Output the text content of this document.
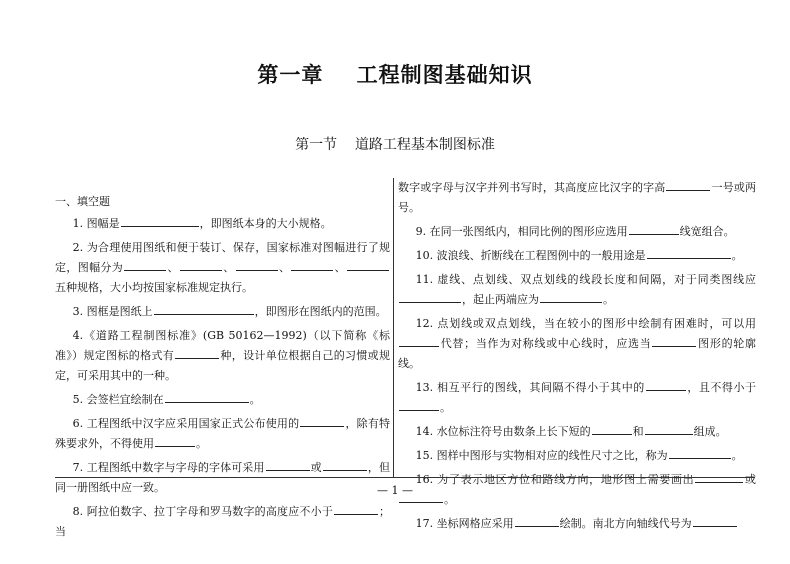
第一章    工程制图基础知识
第一节    道路工程基本制图标准

一、填空题

1. 图幅是	，即图纸本身的大小规格。

2. 为合理使用图纸和便于装订、保存，国家标准对图幅进行了规定，图幅分为	、	、	、	、五种规格，大小均按国家标准规定执行。

3. 图框是图纸上	，即图形在图纸内的范围。

4.《道路工程制图标准》(GB 50162—1992)（以下简称《标准》）规定图标的格式有	种，设计单位根据自己的习惯或规定，可采用其中的一种。

5. 会签栏宜绘制在	。

6. 工程图纸中汉字应采用国家正式公布使用的	，除有特殊要求外，不得使用	。

7. 工程图纸中数字与字母的字体可采用	或	，但同一册图纸中应一致。

8. 阿拉伯数字、拉丁字母和罗马数字的高度应不小于	；当

数字或字母与汉字并列书写时，其高度应比汉字的字高	一号或两号。

9. 在同一张图纸内，相同比例的图形应选用	线宽组合。

10. 波浪线、折断线在工程图例中的一般用途是	。

11. 虚线、点划线、双点划线的线段长度和间隔，对于同类图线应，起止两端应为	。

12. 点划线或双点划线，当在较小的图形中绘制有困难时，可以用代替；当作为对称线或中心线时，应选当	图形的轮廓线。

13. 相互平行的图线，其间隔不得小于其中的	，且不得小于。

14. 水位标注符号由数条上长下短的	和	组成。

15. 图样中图形与实物相对应的线性尺寸之比，称为	。

16. 为了表示地区方位和路线方向，地形图上需要画出	或。

17. 坐标网格应采用	绘制。南北方向轴线代号为

— 1 —
